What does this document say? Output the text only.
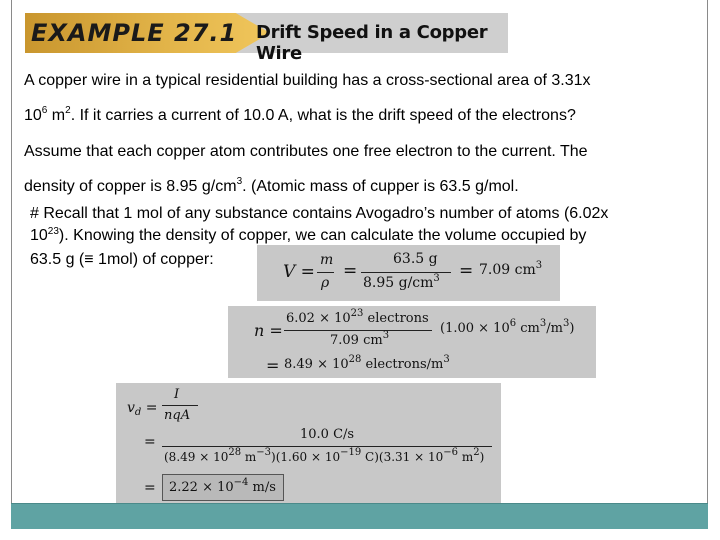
EXAMPLE 27.1 Drift Speed in a Copper Wire

A copper wire in a typical residential building has a cross-sectional area of 3.31x

$10^6$ $m^2$. If it carries a current of 10.0 A, what is the drift speed of the electrons?

Assume that each copper atom contributes one free electron to the current. The

density of copper is 8.95 $g/cm^3$. (Atomic mass of cupper is 63.5 g/mol.

# Recall that 1 mol of any substance contains Avogadro’s number of atoms (6.02x

$10^{23}$). Knowing the density of copper, we can calculate the volume occupied by

63.5 g (≡ 1mol) of copper:

V =
m
ρ
=
63.5 g
8.95 $g/cm^3 = 7.09$ $cm^3$
n =
$6.02 \times 10^{23}$ electrons
7.09 $cm^3$	($1.00 \times 10^6$ $cm^3/m^3$)
= $8.49 \times 10^{28}$ electrons/$m^3$
$v_d$ =
I
nqA
=	10.0 C/s
($8.49 \times 10^{28}$ $m^{-3})(1.60 \times 10^{-19}$ $C)(3.31 \times 10^{-6}$ $m^2$)
= $2.22 \times 10^{-4}$ m/s
